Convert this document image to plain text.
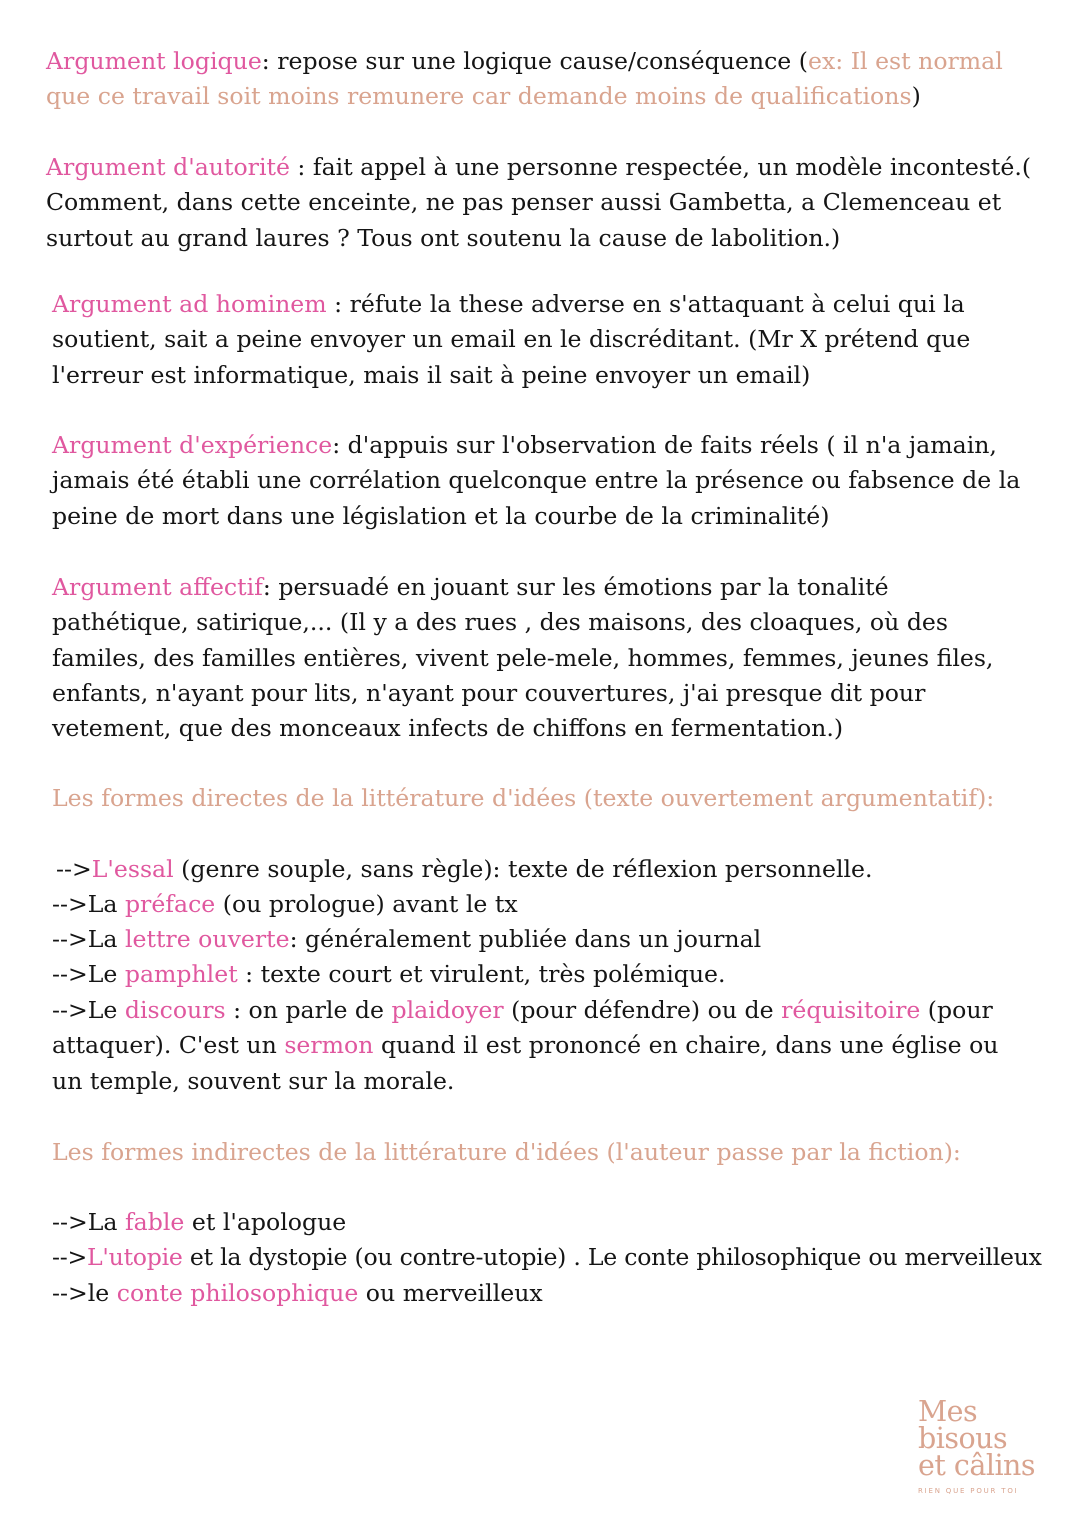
Argument logique: repose sur une logique cause/conséquence (ex: Il est normal que ce travail soit moins remunere car demande moins de qualifications)

Argument d'autorité : fait appel à une personne respectée, un modèle incontesté.( Comment, dans cette enceinte, ne pas penser aussi Gambetta, a Clemenceau et surtout au grand laures ? Tous ont soutenu la cause de labolition.)

Argument ad hominem : réfute la these adverse en s'attaquant à celui qui la soutient, sait a peine envoyer un email en le discréditant. (Mr X prétend que l'erreur est informatique, mais il sait à peine envoyer un email)

Argument d'expérience: d'appuis sur l'observation de faits réels ( il n'a jamain, jamais été établi une corrélation quelconque entre la présence ou fabsence de la peine de mort dans une législation et la courbe de la criminalité)

Argument affectif: persuadé en jouant sur les émotions par la tonalité pathétique, satirique,... (Il y a des rues , des maisons, des cloaques, où des familes, des familles entières, vivent pele-mele, hommes, femmes, jeunes files, enfants, n'ayant pour lits, n'ayant pour couvertures, j'ai presque dit pour vetement, que des monceaux infects de chiffons en fermentation.)

Les formes directes de la littérature d'idées (texte ouvertement argumentatif):

-->L'essal (genre souple, sans règle): texte de réflexion personnelle.

-->La préface (ou prologue) avant le tx

-->La lettre ouverte: généralement publiée dans un journal

-->Le pamphlet : texte court et virulent, très polémique.

-->Le discours : on parle de plaidoyer (pour défendre) ou de réquisitoire (pour attaquer). C'est un sermon quand il est prononcé en chaire, dans une église ou un temple, souvent sur la morale.

Les formes indirectes de la littérature d'idées (l'auteur passe par la fiction):

-->La fable et l'apologue

-->L'utopie et la dystopie (ou contre-utopie) . Le conte philosophique ou merveilleux

-->le conte philosophique ou merveilleux

Mes
bisous
et câlins
RIEN QUE POUR TOI
